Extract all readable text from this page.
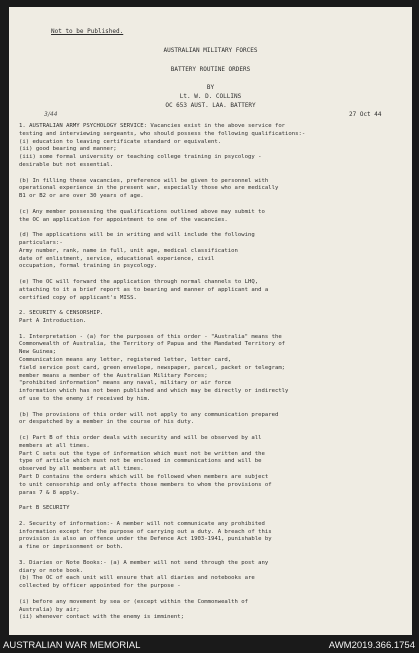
Not to be Published.
AUSTRALIAN MILITARY FORCES
BATTERY ROUTINE ORDERS
BY
Lt. W. D. COLLINS
OC 653 AUST. LAA. BATTERY
3/44	27 Oct 44
1. AUSTRALIAN ARMY PSYCHOLOGY SERVICE: Vacancies exist in the above service for
testing and interviewing sergeants, who should possess the following qualifications:-
(i) education to leaving certificate standard or equivalent.
(ii) good bearing and manner;
(iii) some formal university or teaching college training in psycology -
desirable but not essential.
(b) In filling these vacancies, preference will be given to personnel with
operational experience in the present war, especially those who are medically
B1 or B2 or are over 30 years of age.
(c) Any member possessing the qualifications outlined above may submit to
the OC an application for appointment to one of the vacancies.
(d) The applications will be in writing and will include the following
particulars:-
Army number, rank, name in full, unit age, medical classification
date of enlistment, service, educational experience, civil
occupation, formal training in psycology.
(e) The OC will forward the application through normal channels to LHQ,
attaching to it a brief report as to bearing and manner of applicant and a
certified copy of applicant's MISS.
2. SECURITY & CENSORSHIP.
Part A Introduction.
1. Interpretation - (a) for the purposes of this order - "Australia" means the
Commonwealth of Australia, the Territory of Papua and the Mandated Territory of
New Guinea;
Communication means any letter, registered letter, letter card,
field service post card, green envelope, newspaper, parcel, packet or telegram;
member means a member of the Australian Military Forces;
"prohibited information" means any naval, military or air force
information which has not been published and which may be directly or indirectly
of use to the enemy if received by him.
(b) The provisions of this order will not apply to any communication prepared
or despatched by a member in the course of his duty.
(c) Part B of this order deals with security and will be observed by all
members at all times.
Part C sets out the type of information which must not be written and the
type of article which must not be enclosed in communications and will be
observed by all members at all times.
Part D contains the orders which will be followed when members are subject
to unit censorship and only affects those members to whom the provisions of
paras 7 & 8 apply.
Part B SECURITY
2. Security of information:- A member will not communicate any prohibited
information except for the purpose of carrying out a duty. A breach of this
provision is also an offence under the Defence Act 1903-1941, punishable by
a fine or imprisonment or both.
3. Diaries or Note Books:- (a) A member will not send through the post any
diary or note book.
(b) The OC of each unit will ensure that all diaries and notebooks are
collected by officer appointed for the purpose -
(i) before any movement by sea or (except within the Commonwealth of
Australia) by air;
(ii) whenever contact with the enemy is imminent;
AUSTRALIAN WAR MEMORIAL	AWM2019.366.1754
